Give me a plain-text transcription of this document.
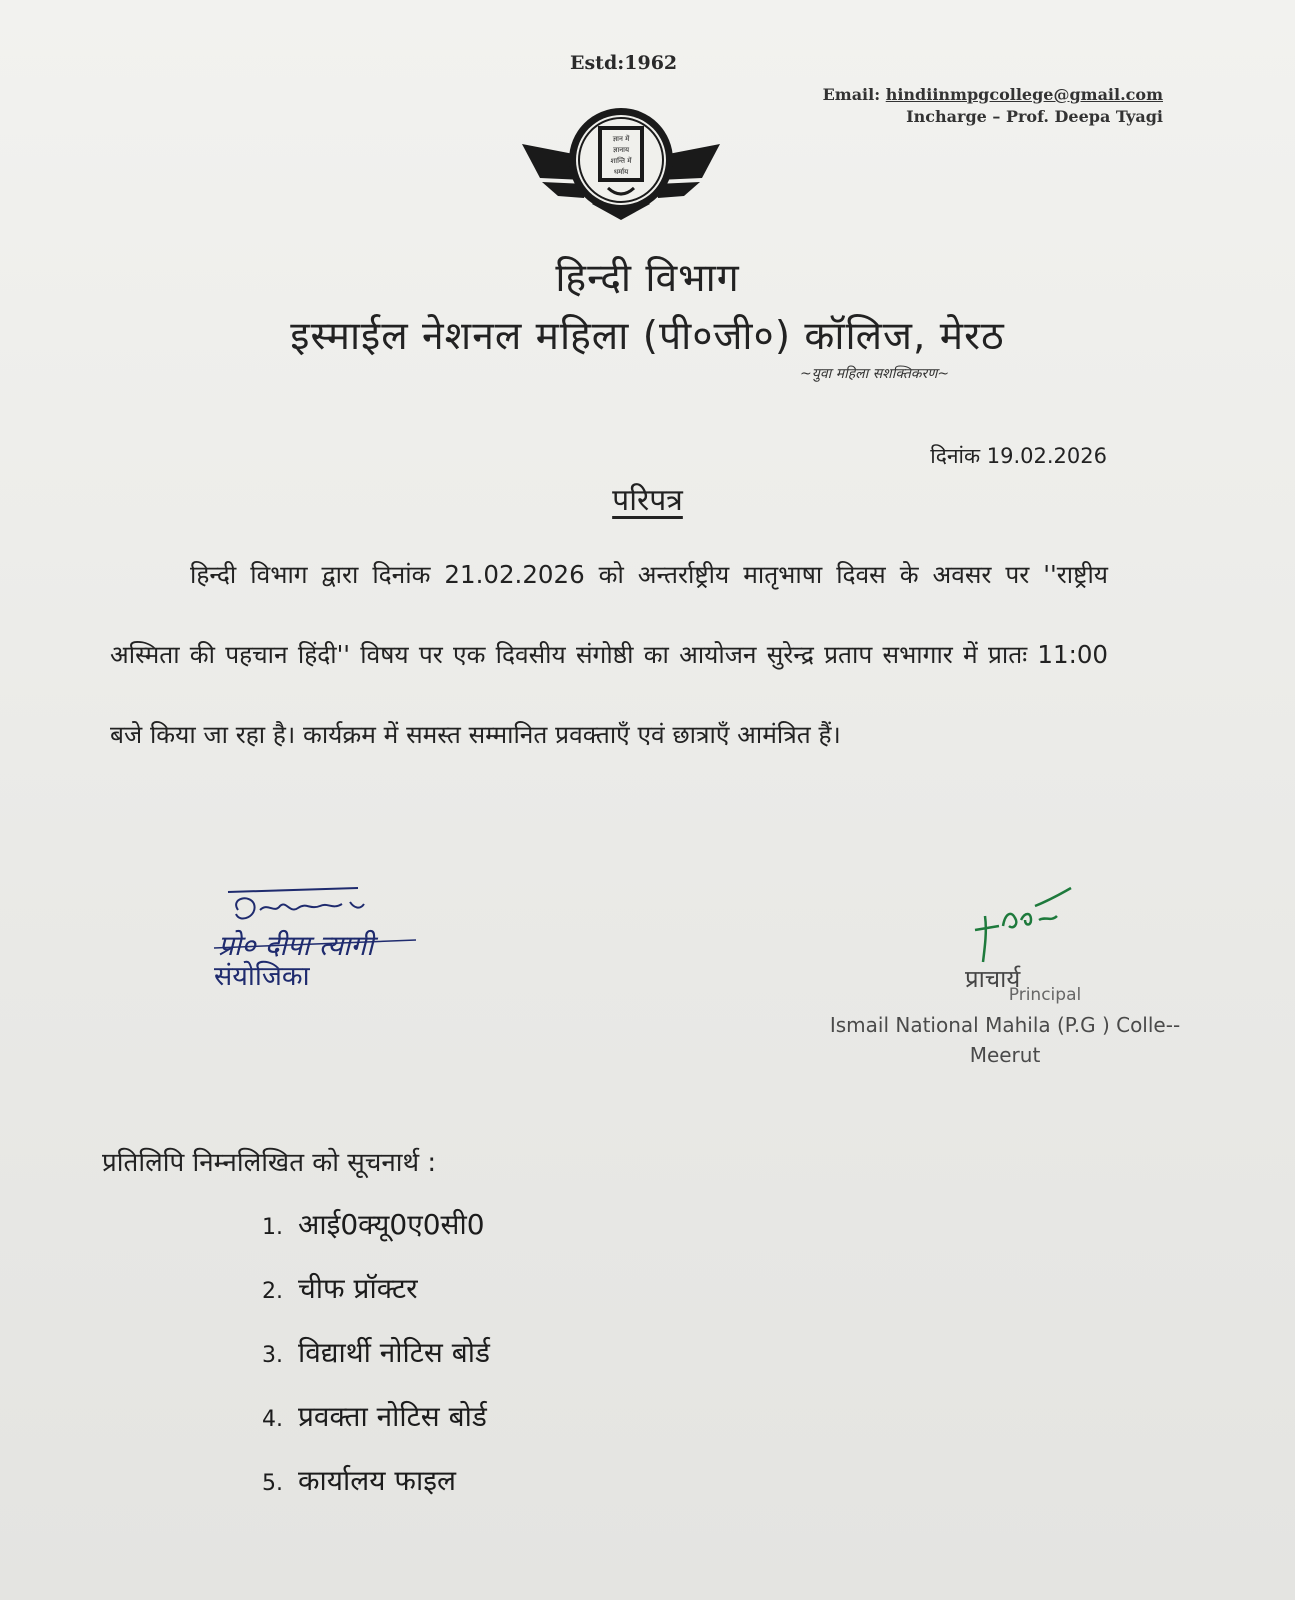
Estd:1962
Email: hindiinmpgcollege@gmail.com
Incharge – Prof. Deepa Tyagi
ज्ञान में
ज्ञानाय
शान्ति में
धर्माय
हिन्दी विभाग
इस्माईल नेशनल महिला (पी०जी०) कॉलिज, मेरठ
~युवा महिला सशक्तिकरण~
दिनांक 19.02.2026
परिपत्र
हिन्दी विभाग द्वारा दिनांक 21.02.2026 को अन्तर्राष्ट्रीय मातृभाषा दिवस के अवसर पर ''राष्ट्रीय अस्मिता की पहचान हिंदी'' विषय पर एक दिवसीय संगोष्ठी का आयोजन सुरेन्द्र प्रताप सभागार में प्रातः 11:00 बजे किया जा रहा है। कार्यक्रम में समस्त सम्मानित प्रवक्ताएँ एवं छात्राएँ आमंत्रित हैं।
प्रो० दीपा त्यागी
संयोजिका	प्राचार्य
Principal
Ismail National Mahila (P.G ) Colle--
Meerut
प्रतिलिपि निम्नलिखित को सूचनार्थ :
1. आई0क्यू0ए0सी0
2. चीफ प्रॉक्टर
3. विद्यार्थी नोटिस बोर्ड
4. प्रवक्ता नोटिस बोर्ड
5. कार्यालय फाइल
